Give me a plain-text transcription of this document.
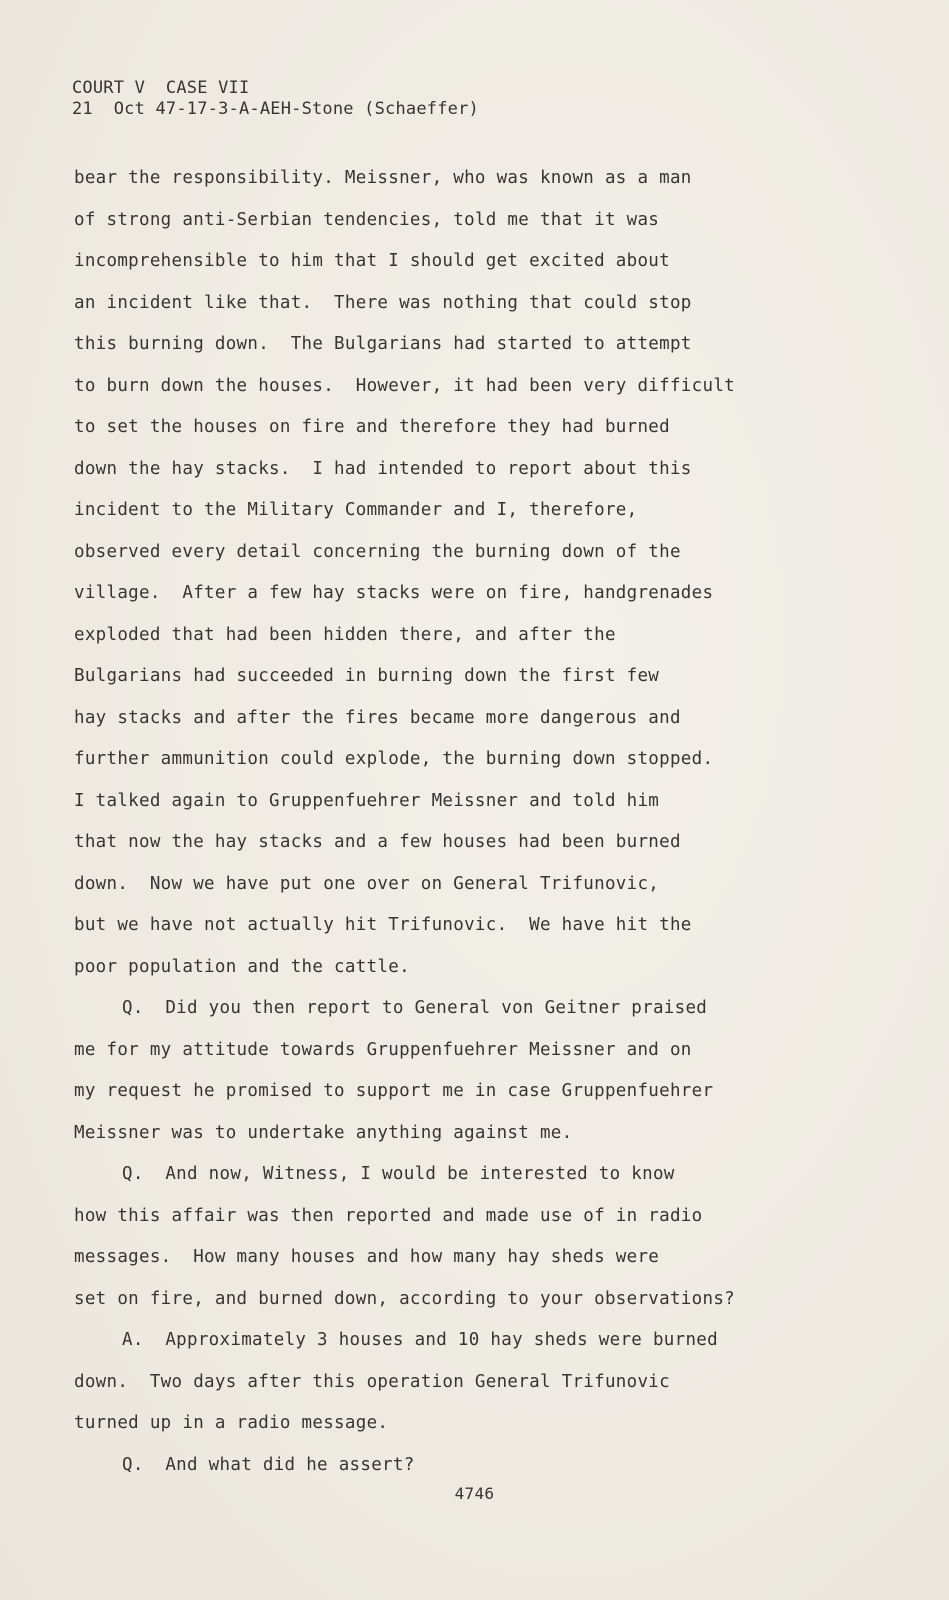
COURT V  CASE VII
21  Oct 47-17-3-A-AEH-Stone (Schaeffer)
bear the responsibility. Meissner, who was known as a man
of strong anti-Serbian tendencies, told me that it was
incomprehensible to him that I should get excited about
an incident like that.  There was nothing that could stop
this burning down.  The Bulgarians had started to attempt
to burn down the houses.  However, it had been very difficult
to set the houses on fire and therefore they had burned
down the hay stacks.  I had intended to report about this
incident to the Military Commander and I, therefore,
observed every detail concerning the burning down of the
village.  After a few hay stacks were on fire, handgrenades
exploded that had been hidden there, and after the
Bulgarians had succeeded in burning down the first few
hay stacks and after the fires became more dangerous and
further ammunition could explode, the burning down stopped.
I talked again to Gruppenfuehrer Meissner and told him
that now the hay stacks and a few houses had been burned
down.  Now we have put one over on General Trifunovic,
but we have not actually hit Trifunovic.  We have hit the
poor population and the cattle.
Q.  Did you then report to General von Geitner praised
me for my attitude towards Gruppenfuehrer Meissner and on
my request he promised to support me in case Gruppenfuehrer
Meissner was to undertake anything against me.
Q.  And now, Witness, I would be interested to know
how this affair was then reported and made use of in radio
messages.  How many houses and how many hay sheds were
set on fire, and burned down, according to your observations?
A.  Approximately 3 houses and 10 hay sheds were burned
down.  Two days after this operation General Trifunovic
turned up in a radio message.
Q.  And what did he assert?
4746
